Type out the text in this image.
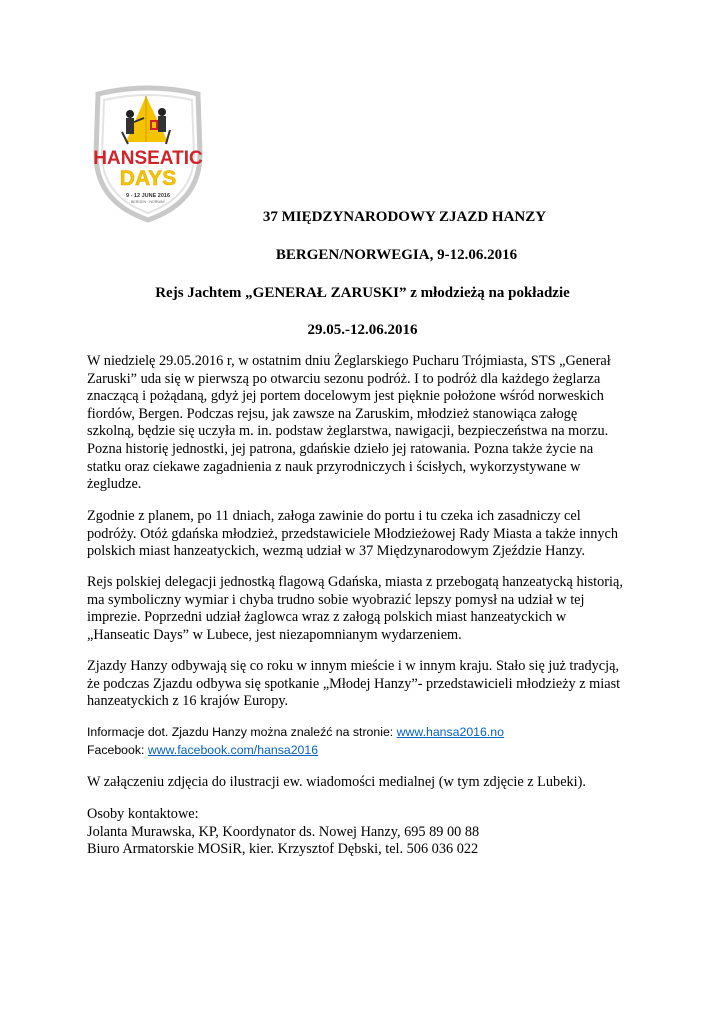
HANSEATIC
DAYS
9 - 12 JUNE 2016
BERGEN · NORWAY
37 MIĘDZYNARODOWY ZJAZD HANZY
BERGEN/NORWEGIA, 9-12.06.2016
Rejs Jachtem „GENERAŁ ZARUSKI” z młodzieżą na pokładzie
29.05.-12.06.2016

W niedzielę 29.05.2016 r, w ostatnim dniu Żeglarskiego Pucharu Trójmiasta, STS „Generał

Zaruski” uda się w pierwszą po otwarciu sezonu podróż. I to podróż dla każdego żeglarza

znaczącą i pożądaną, gdyż jej portem docelowym jest pięknie położone wśród norweskich

fiordów, Bergen. Podczas rejsu, jak zawsze na Zaruskim, młodzież stanowiąca załogę

szkolną, będzie się uczyła m. in. podstaw żeglarstwa, nawigacji, bezpieczeństwa na morzu.

Pozna historię jednostki, jej patrona, gdańskie dzieło jej ratowania. Pozna także życie na

statku oraz ciekawe zagadnienia z nauk przyrodniczych i ścisłych, wykorzystywane w

żegludze.

Zgodnie z planem, po 11 dniach, załoga zawinie do portu i tu czeka ich zasadniczy cel

podróży. Otóż gdańska młodzież, przedstawiciele Młodzieżowej Rady Miasta a także innych

polskich miast hanzeatyckich, wezmą udział w 37 Międzynarodowym Zjeździe Hanzy.

Rejs polskiej delegacji jednostką flagową Gdańska, miasta z przebogatą hanzeatycką historią,

ma symboliczny wymiar i chyba trudno sobie wyobrazić lepszy pomysł na udział w tej

imprezie. Poprzedni udział żaglowca wraz z załogą polskich miast hanzeatyckich w

„Hanseatic Days” w Lubece, jest niezapomnianym wydarzeniem.

Zjazdy Hanzy odbywają się co roku w innym mieście i w innym kraju. Stało się już tradycją,

że podczas Zjazdu odbywa się spotkanie „Młodej Hanzy”- przedstawicieli młodzieży z miast

hanzeatyckich z 16 krajów Europy.

Informacje dot. Zjazdu Hanzy można znaleźć na stronie: www.hansa2016.no

Facebook: www.facebook.com/hansa2016

W załączeniu zdjęcia do ilustracji ew. wiadomości medialnej (w tym zdjęcie z Lubeki).

Osoby kontaktowe:

Jolanta Murawska, KP, Koordynator ds. Nowej Hanzy, 695 89 00 88

Biuro Armatorskie MOSiR, kier. Krzysztof Dębski, tel. 506 036 022
